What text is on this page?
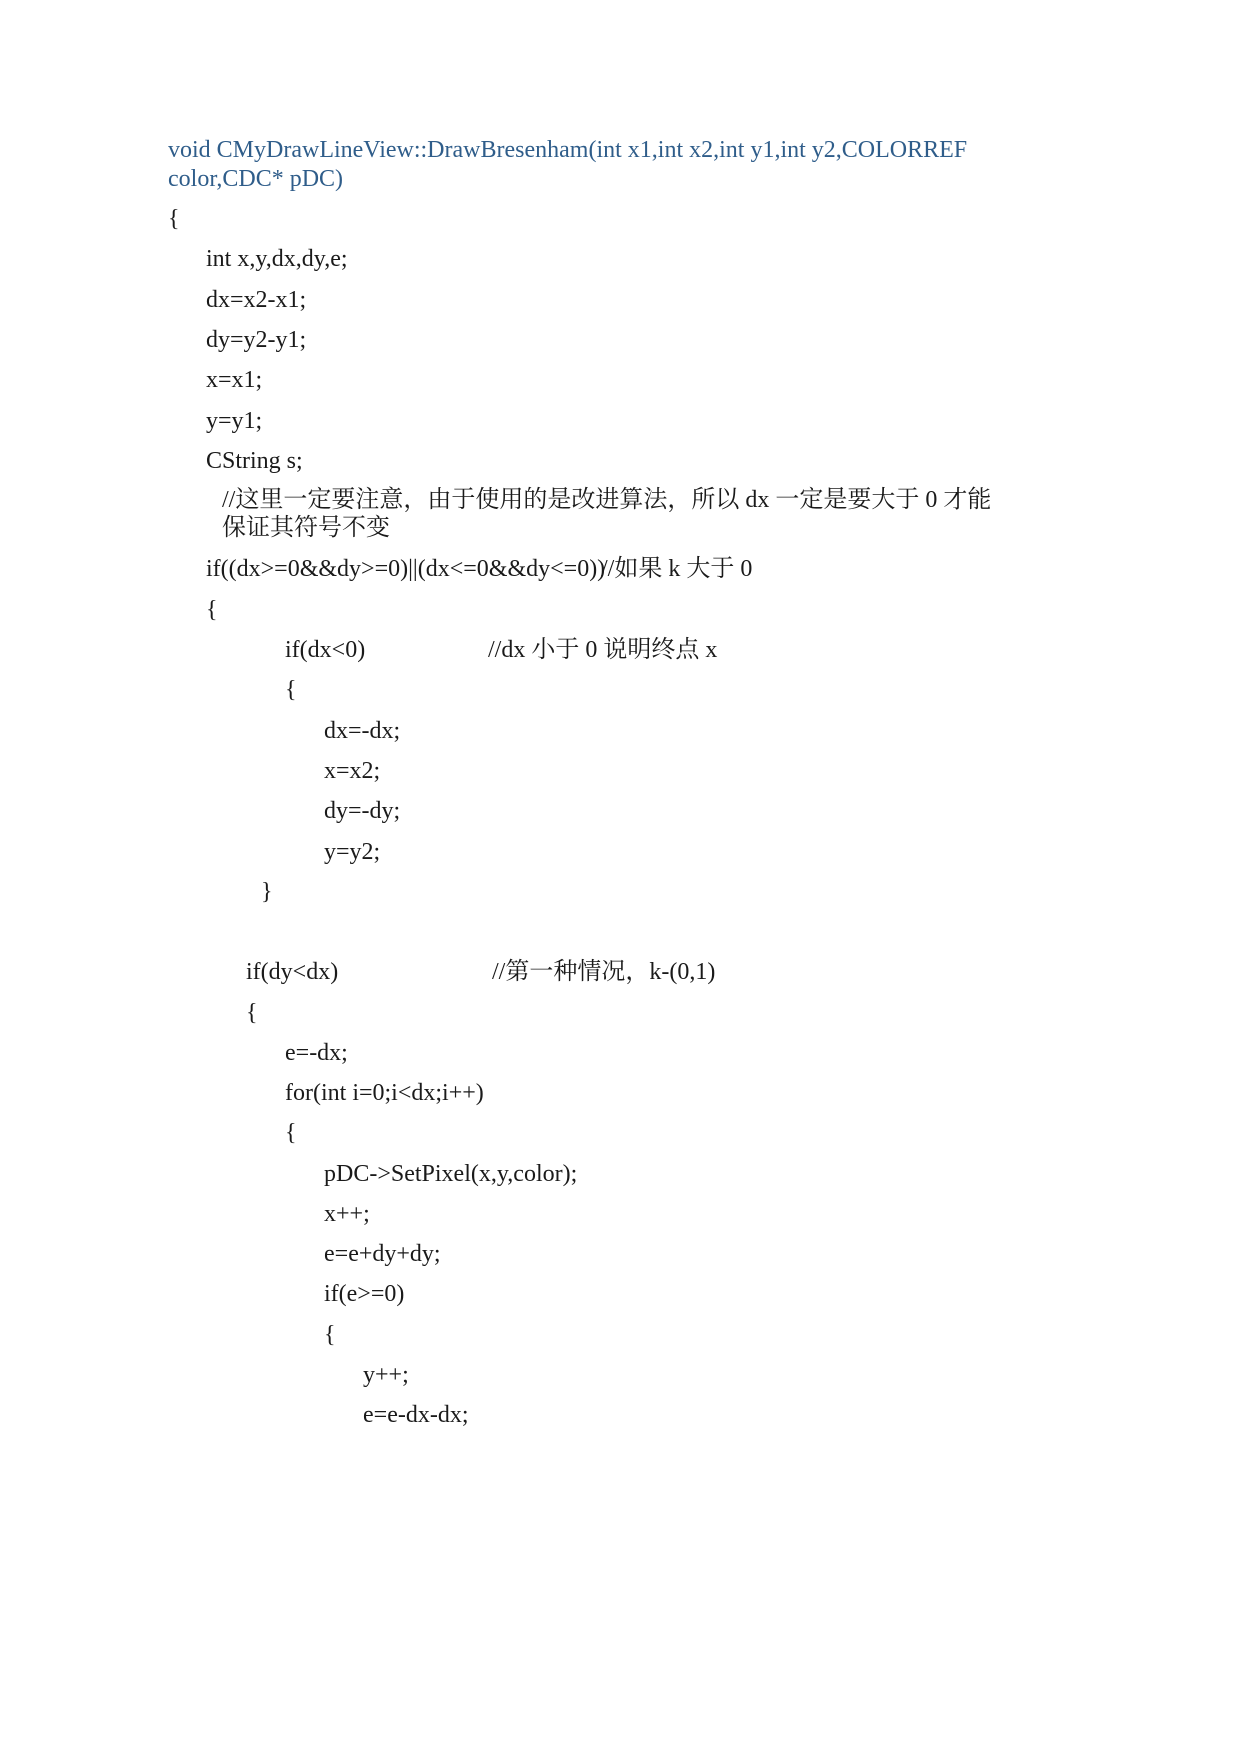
void CMyDrawLineView::DrawBresenham(int x1,int x2,int y1,int y2,COLORREF

color,CDC* pDC)

{

int x,y,dx,dy,e;

dx=x2-x1;

dy=y2-y1;

x=x1;

y=y1;

CString s;

//这里一定要注意，由于使用的是改进算法，所以 dx 一定是要大于 0 才能

保证其符号不变

if((dx>=0&&dy>=0)||(dx<=0&&dy<=0))

//如果 k 大于 0

{

if(dx<0)	//dx 小于 0 说明终点 x

{

dx=-dx;

x=x2;

dy=-dy;

y=y2;

}

if(dy<dx)	//第一种情况，k-(0,1)

{

e=-dx;

for(int i=0;i<dx;i++)

{

pDC->SetPixel(x,y,color);

x++;

e=e+dy+dy;

if(e>=0)

{

y++;

e=e-dx-dx;
